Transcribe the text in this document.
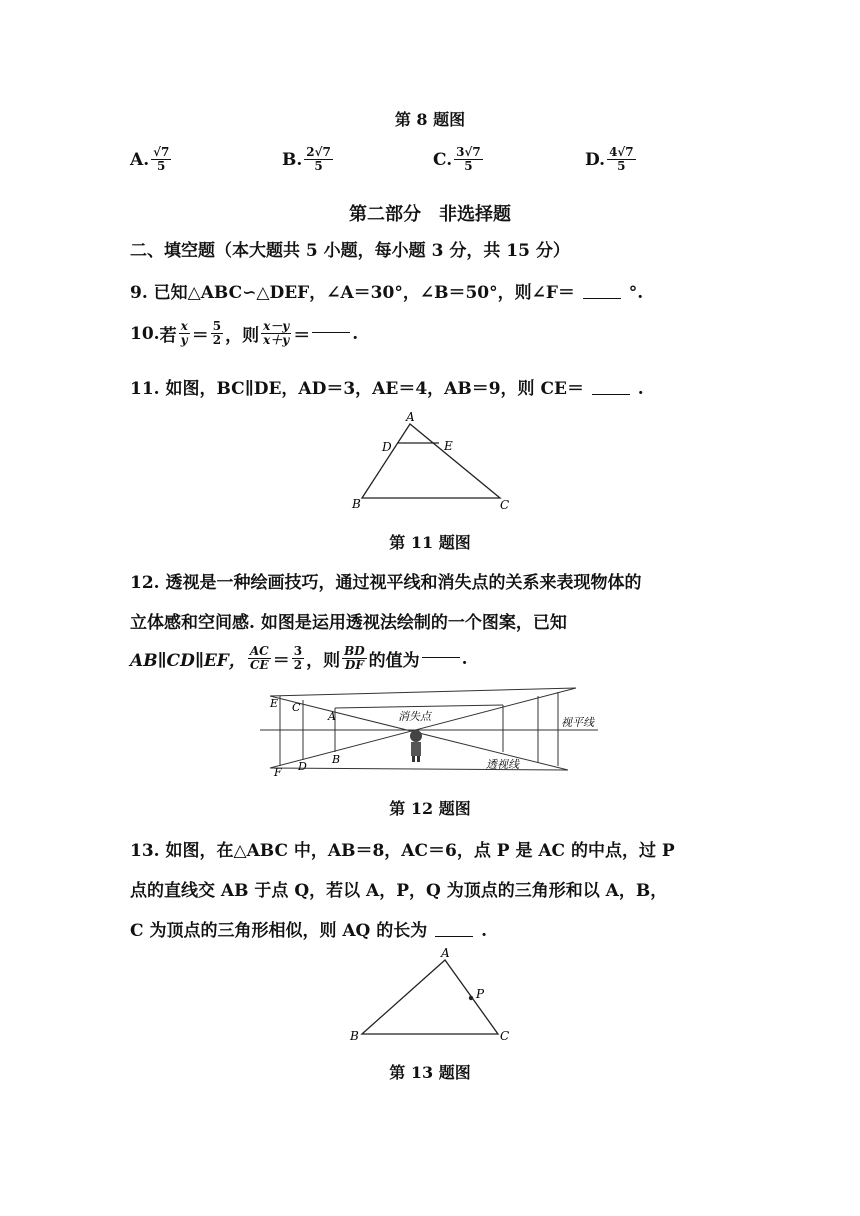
第 8 题图
A. $\frac{√7}{5}$	B. $\frac{2√7}{5}$	C. $\frac{3√7}{5}$	D. $\frac{4√7}{5}$
第二部分　非选择题
二、填空题（本大题共 5 小题，每小题 3 分，共 15 分）
9. 已知△ABC∽△DEF，∠A＝30°，∠B＝50°，则∠F＝	°.
10. 若 $\frac{x}{y} = \frac{5}{2}$ ，则 $\frac{x-y}{x+y}$ ＝ .
11. 如图，BC∥DE，AD＝3，AE＝4，AB＝9，则 CE＝	.
A
D	E
B	C
第 11 题图
12. 透视是一种绘画技巧，通过视平线和消失点的关系来表现物体的
立体感和空间感. 如图是运用透视法绘制的一个图案，已知
AB∥CD∥EF， $\frac{AC}{CE} = \frac{3}{2}$ ，则 $\frac{BD}{DF}$ 的值为 .
E C
A
F D
B
消失点	视平线
透视线
第 12 题图
13. 如图，在△ABC 中，AB＝8，AC＝6，点 P 是 AC 的中点，过 P
点的直线交 AB 于点 Q，若以 A，P，Q 为顶点的三角形和以 A，B，
C 为顶点的三角形相似，则 AQ 的长为	.
A
P
B	C
第 13 题图
